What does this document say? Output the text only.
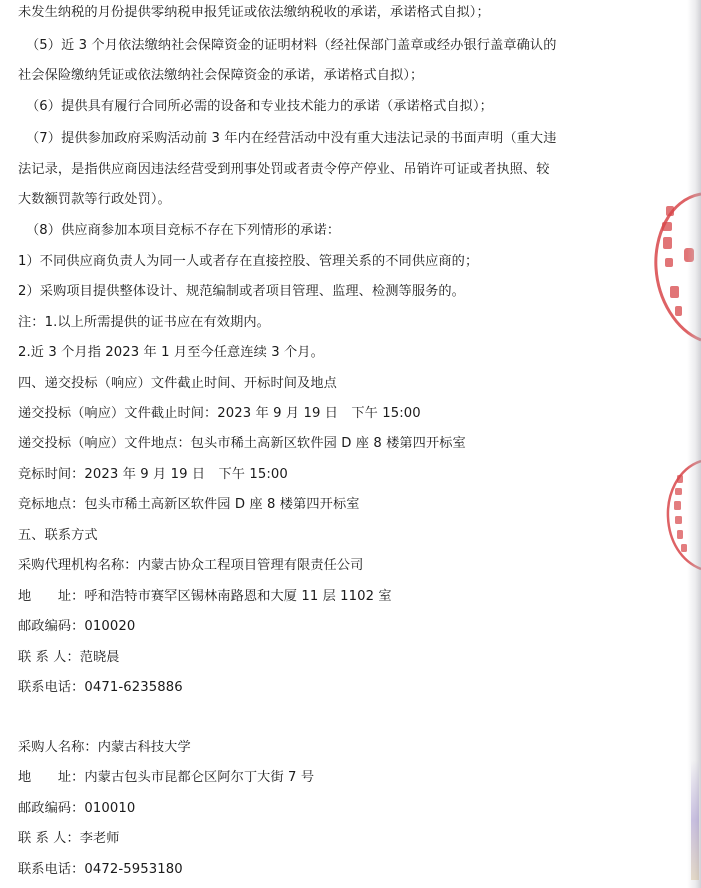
未发生纳税的月份提供零纳税申报凭证或依法缴纳税收的承诺，承诺格式自拟）；
（5）近 3 个月依法缴纳社会保障资金的证明材料（经社保部门盖章或经办银行盖章确认的
社会保险缴纳凭证或依法缴纳社会保障资金的承诺，承诺格式自拟）；
（6）提供具有履行合同所必需的设备和专业技术能力的承诺（承诺格式自拟）；
（7）提供参加政府采购活动前 3 年内在经营活动中没有重大违法记录的书面声明（重大违
法记录，是指供应商因违法经营受到刑事处罚或者责令停产停业、吊销许可证或者执照、较
大数额罚款等行政处罚）。
（8）供应商参加本项目竞标不存在下列情形的承诺：
1）不同供应商负责人为同一人或者存在直接控股、管理关系的不同供应商的；
2）采购项目提供整体设计、规范编制或者项目管理、监理、检测等服务的。
注：1.以上所需提供的证书应在有效期内。
2.近 3 个月指 2023 年 1 月至今任意连续 3 个月。
四、递交投标（响应）文件截止时间、开标时间及地点
递交投标（响应）文件截止时间：2023 年 9 月 19 日　下午 15:00
递交投标（响应）文件地点：包头市稀土高新区软件园 D 座 8 楼第四开标室
竞标时间：2023 年 9 月 19 日　下午 15:00
竞标地点：包头市稀土高新区软件园 D 座 8 楼第四开标室
五、联系方式
采购代理机构名称：内蒙古协众工程项目管理有限责任公司
地　　址：呼和浩特市赛罕区锡林南路恩和大厦 11 层 1102 室
邮政编码：010020
联 系 人：范晓晨
联系电话：0471-6235886
采购人名称：内蒙古科技大学
地　　址：内蒙古包头市昆都仑区阿尔丁大街 7 号
邮政编码：010010
联 系 人：李老师
联系电话：0472-5953180
